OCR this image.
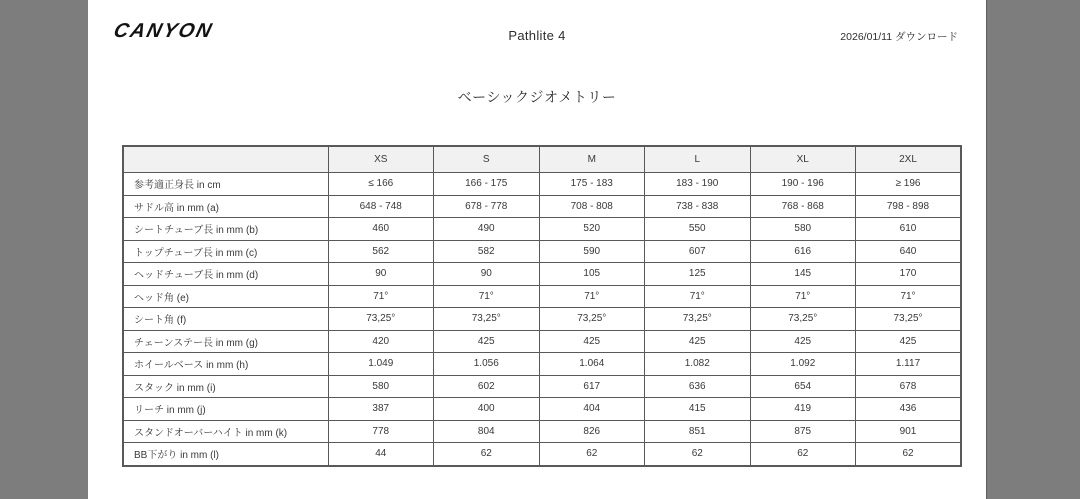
CANYON	Pathlite 4	2026/01/11 ダウンロード
ベーシックジオメトリー
	XS	S	M	L	XL	2XL
参考適正身長 in cm	≤ 166	166 - 175	175 - 183	183 - 190	190 - 196	≥ 196
サドル高 in mm (a)	648 - 748	678 - 778	708 - 808	738 - 838	768 - 868	798 - 898
シートチューブ長 in mm (b)	460	490	520	550	580	610
トップチューブ長 in mm (c)	562	582	590	607	616	640
ヘッドチューブ長 in mm (d)	90	90	105	125	145	170
ヘッド角 (e)	71°	71°	71°	71°	71°	71°
シート角 (f)	73,25°	73,25°	73,25°	73,25°	73,25°	73,25°
チェーンステー長 in mm (g)	420	425	425	425	425	425
ホイールベース in mm (h)	1.049	1.056	1.064	1.082	1.092	1.117
スタック in mm (i)	580	602	617	636	654	678
リーチ in mm (j)	387	400	404	415	419	436
スタンドオーバーハイト in mm (k)	778	804	826	851	875	901
BB下がり in mm (l)	44	62	62	62	62	62
